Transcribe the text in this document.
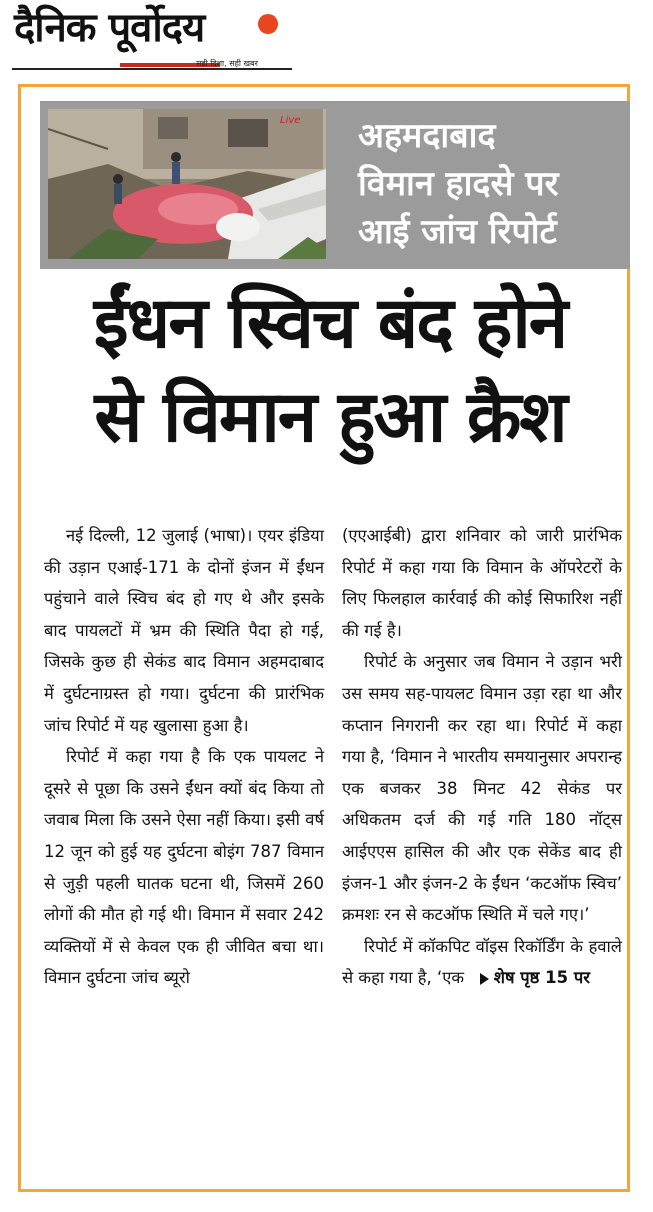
दैनिक पूर्वोदय
सही दिशा, सही खबर
Live अहमदाबाद
विमान हादसे पर
आई जांच रिपोर्ट
ईंधन स्विच बंद होने
से विमान हुआ क्रैश

नई दिल्ली, 12 जुलाई (भाषा)। एयर इंडिया की उड़ान एआई-171 के दोनों इंजन में ईंधन पहुंचाने वाले स्विच बंद हो गए थे और इसके बाद पायलटों में भ्रम की स्थिति पैदा हो गई, जिसके कुछ ही सेकंड बाद विमान अहमदाबाद में दुर्घटनाग्रस्त हो गया। दुर्घटना की प्रारंभिक जांच रिपोर्ट में यह खुलासा हुआ है।

रिपोर्ट में कहा गया है कि एक पायलट ने दूसरे से पूछा कि उसने ईंधन क्यों बंद किया तो जवाब मिला कि उसने ऐसा नहीं किया। इसी वर्ष 12 जून को हुई यह दुर्घटना बोइंग 787 विमान से जुड़ी पहली घातक घटना थी, जिसमें 260 लोगों की मौत हो गई थी। विमान में सवार 242 व्यक्तियों में से केवल एक ही जीवित बचा था। विमान दुर्घटना जांच ब्यूरो

(एएआईबी) द्वारा शनिवार को जारी प्रारंभिक रिपोर्ट में कहा गया कि विमान के ऑपरेटरों के लिए फिलहाल कार्रवाई की कोई सिफारिश नहीं की गई है।

रिपोर्ट के अनुसार जब विमान ने उड़ान भरी उस समय सह-पायलट विमान उड़ा रहा था और कप्तान निगरानी कर रहा था। रिपोर्ट में कहा गया है, ‘विमान ने भारतीय समयानुसार अपरान्ह एक बजकर 38 मिनट 42 सेकंड पर अधिकतम दर्ज की गई गति 180 नॉट्स आईएएस हासिल की और एक सेकेंड बाद ही इंजन-1 और इंजन-2 के ईंधन ‘कटऑफ स्विच’ क्रमशः रन से कटऑफ स्थिति में चले गए।’

रिपोर्ट में कॉकपिट वॉइस रिकॉर्डिंग के हवाले से कहा गया है, ‘एक शेष पृष्ठ 15 पर
